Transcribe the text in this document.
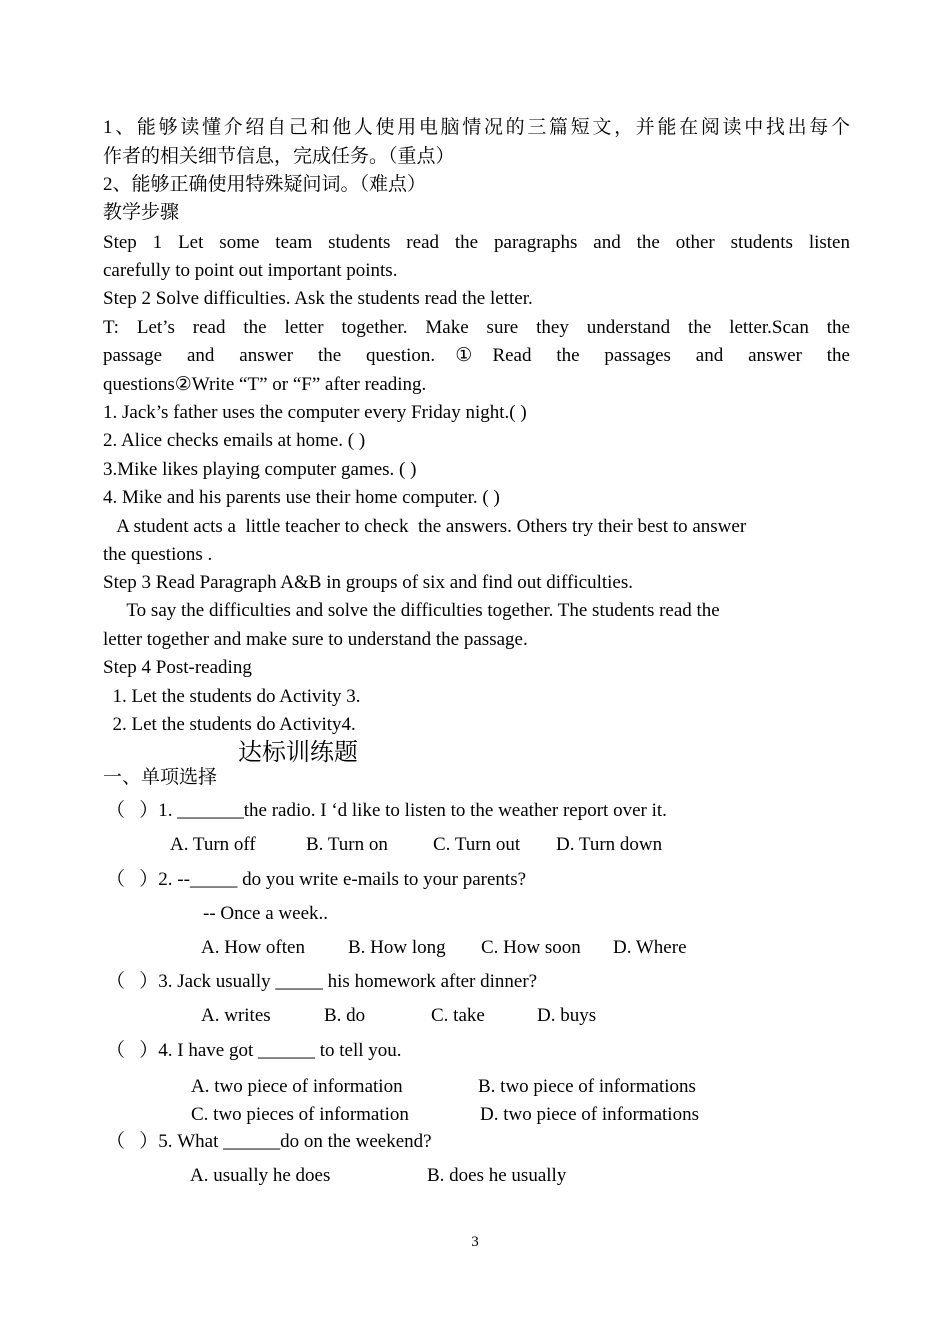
1、能够读懂介绍自己和他人使用电脑情况的三篇短文，并能在阅读中找出每个
作者的相关细节信息，完成任务。（重点）
2、能够正确使用特殊疑问词。（难点）
教学步骤
Step 1 Let some team students read the paragraphs and the other students listen
carefully to point out important points.
Step 2 Solve difficulties. Ask the students read the letter.
T: Let’s read the letter together. Make sure they understand the letter.Scan the
passage and answer the question.①Read the passages and answer the
questions②Write “T” or “F” after reading.
1. Jack’s father uses the computer every Friday night.( )
2. Alice checks emails at home. ( )
3.Mike likes playing computer games. ( )
4. Mike and his parents use their home computer. ( )
A student acts a  little teacher to check  the answers. Others try their best to answer
the questions .
Step 3 Read Paragraph A&B in groups of six and find out difficulties.
To say the difficulties and solve the difficulties together. The students read the
letter together and make sure to understand the passage.
Step 4 Post-reading
1. Let the students do Activity 3.
2. Let the students do Activity4.
达标训练题
一、单项选择
（   ）1. _______the radio. I ‘d like to listen to the weather report over it.
A. Turn off	B. Turn on C. Turn out D. Turn down
（   ）2. --_____ do you write e-mails to your parents?
-- Once a week..
A. How often B. How long C. How soon D. Where
（   ）3. Jack usually _____ his homework after dinner?
A. writes	B. do	C. take	D. buys
（   ）4. I have got ______ to tell you.
A. two piece of information	B. two piece of informations
C. two pieces of information	D. two piece of informations
（   ）5. What ______do on the weekend?
A. usually he does	B. does he usually
3
